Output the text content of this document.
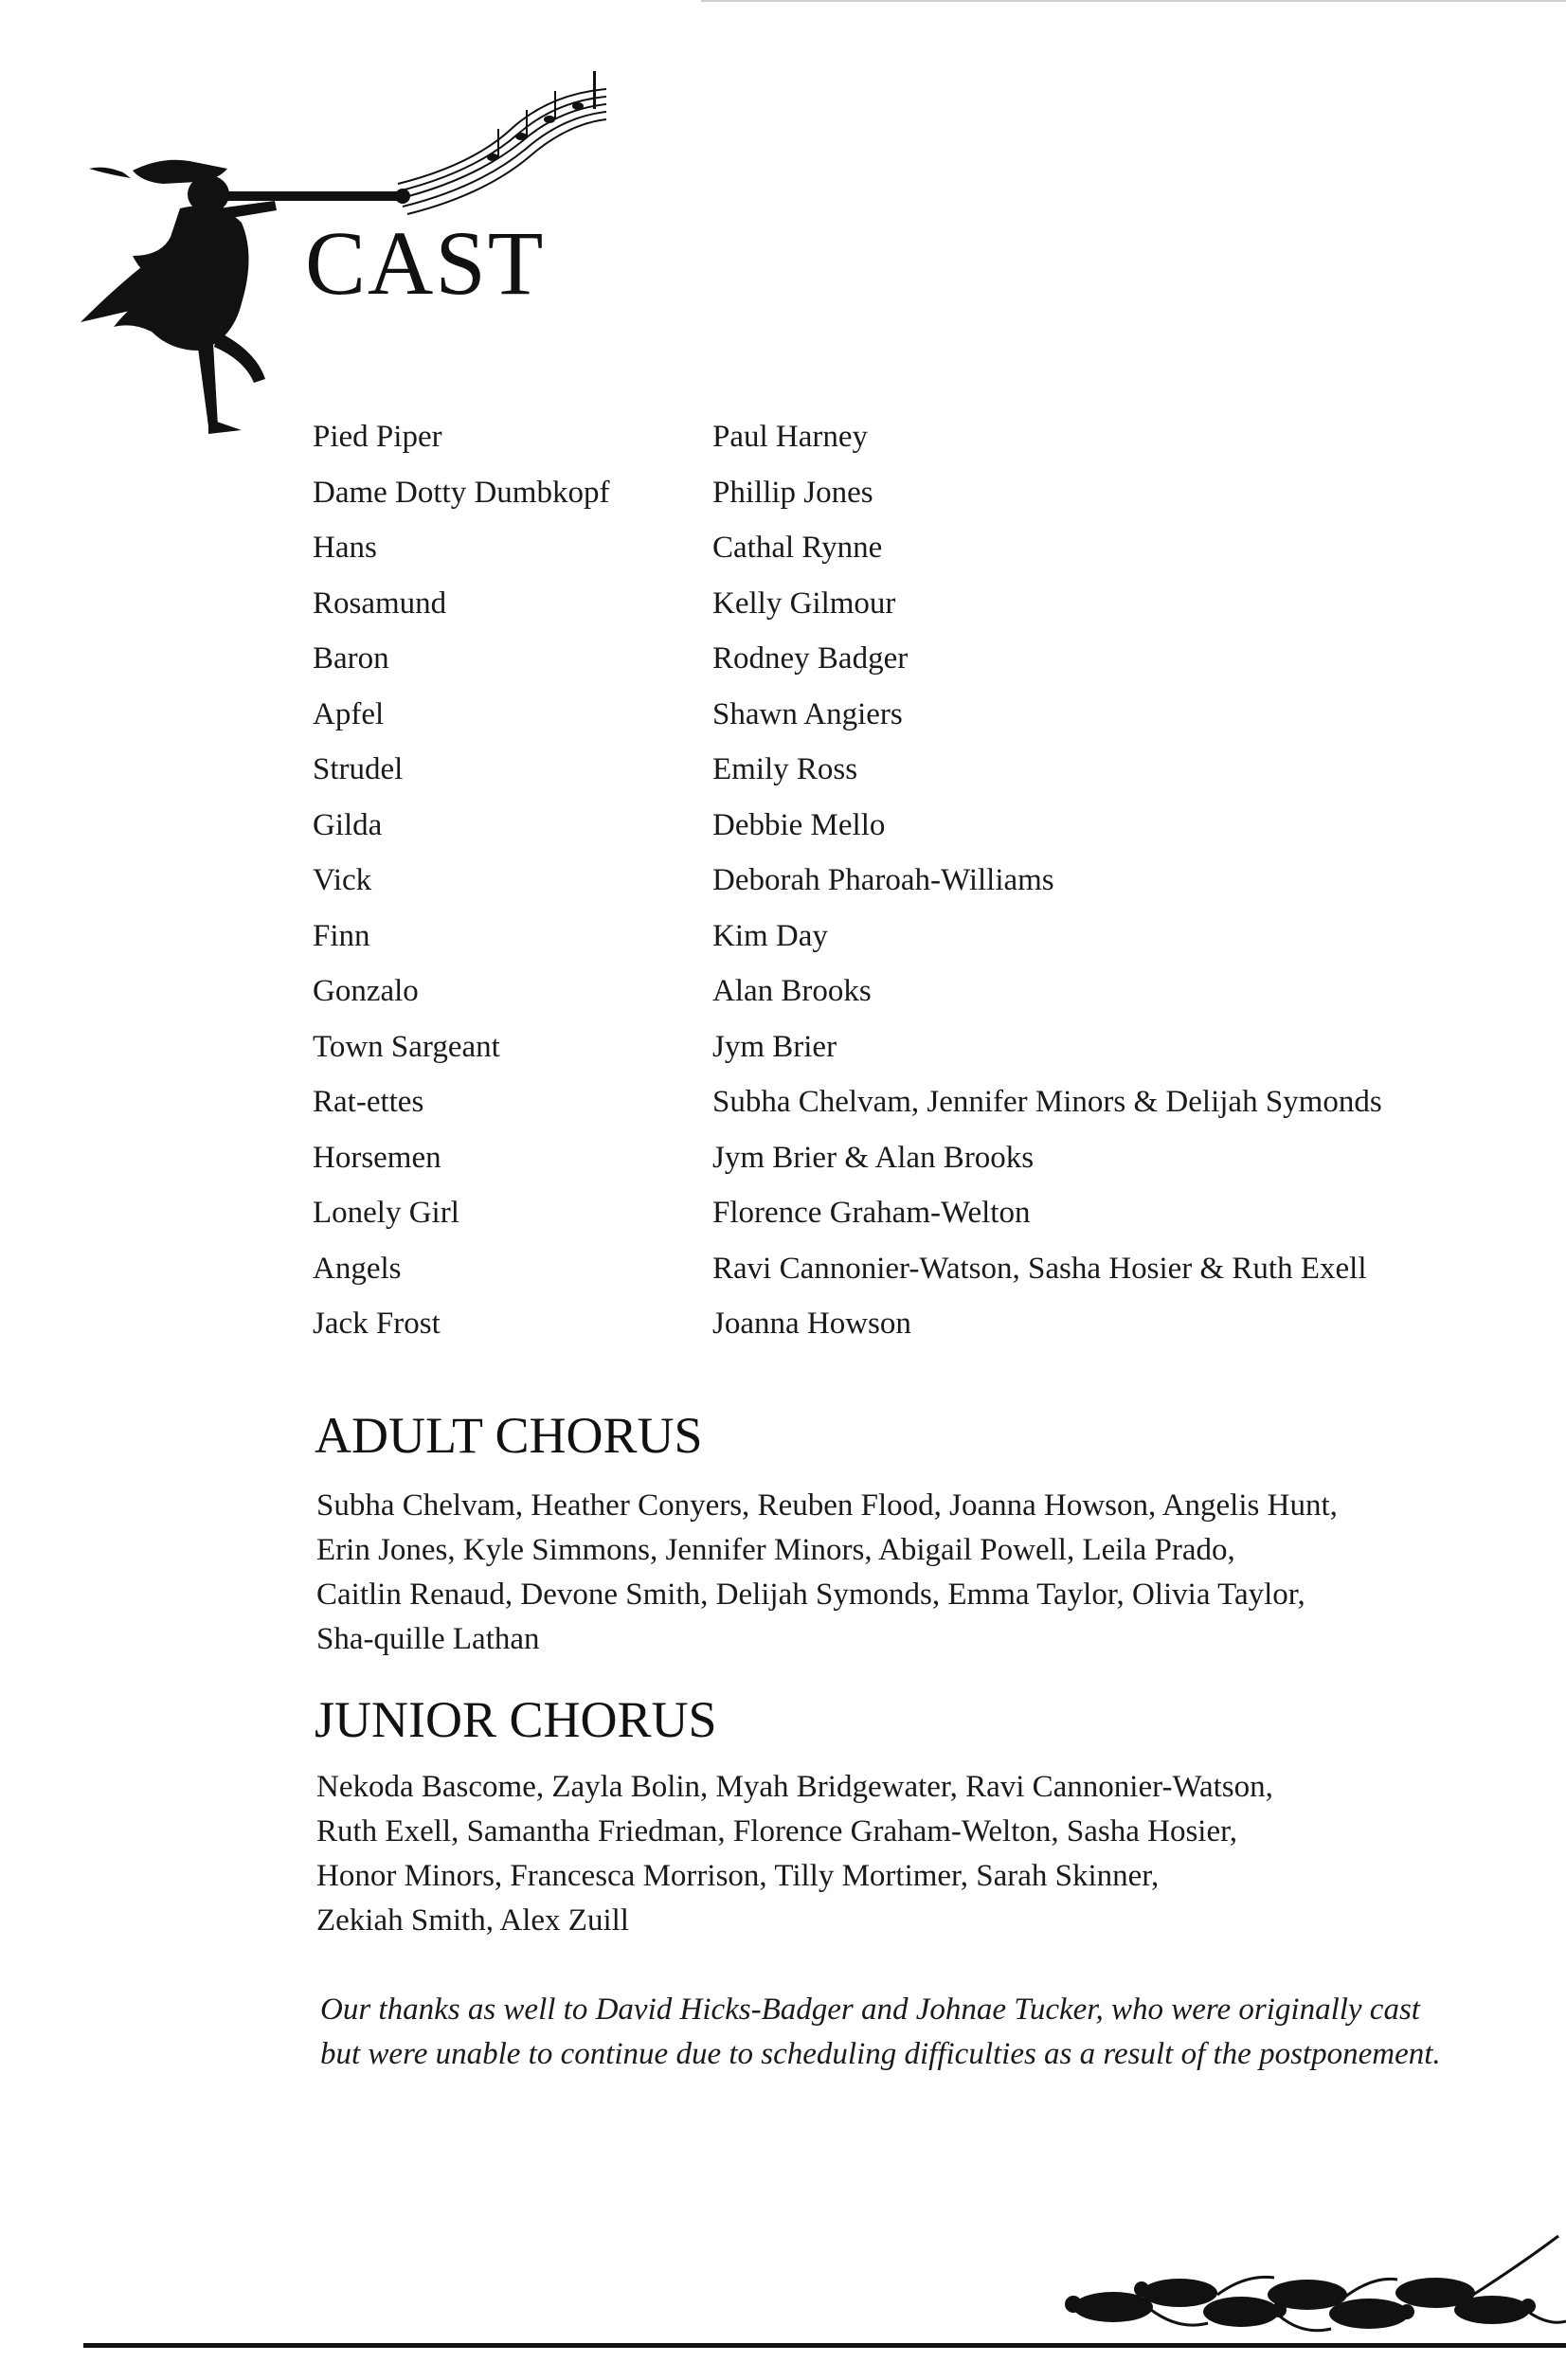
CAST
Pied Piper	Paul Harney
Dame Dotty Dumbkopf	Phillip Jones
Hans	Cathal Rynne
Rosamund	Kelly Gilmour
Baron	Rodney Badger
Apfel	Shawn Angiers
Strudel	Emily Ross
Gilda	Debbie Mello
Vick	Deborah Pharoah-Williams
Finn	Kim Day
Gonzalo	Alan Brooks
Town Sargeant	Jym Brier
Rat-ettes	Subha Chelvam, Jennifer Minors & Delijah Symonds
Horsemen	Jym Brier & Alan Brooks
Lonely Girl	Florence Graham-Welton
Angels	Ravi Cannonier-Watson, Sasha Hosier & Ruth Exell
Jack Frost	Joanna Howson
ADULT CHORUS
Subha Chelvam, Heather Conyers, Reuben Flood, Joanna Howson, Angelis Hunt,
Erin Jones, Kyle Simmons, Jennifer Minors, Abigail Powell, Leila Prado,
Caitlin Renaud, Devone Smith, Delijah Symonds, Emma Taylor, Olivia Taylor,
Sha-quille Lathan
JUNIOR CHORUS
Nekoda Bascome, Zayla Bolin, Myah Bridgewater, Ravi Cannonier-Watson,
Ruth Exell, Samantha Friedman, Florence Graham-Welton, Sasha Hosier,
Honor Minors, Francesca Morrison, Tilly Mortimer, Sarah Skinner,
Zekiah Smith, Alex Zuill
Our thanks as well to David Hicks-Badger and Johnae Tucker, who were originally cast
but were unable to continue due to scheduling difficulties as a result of the postponement.
